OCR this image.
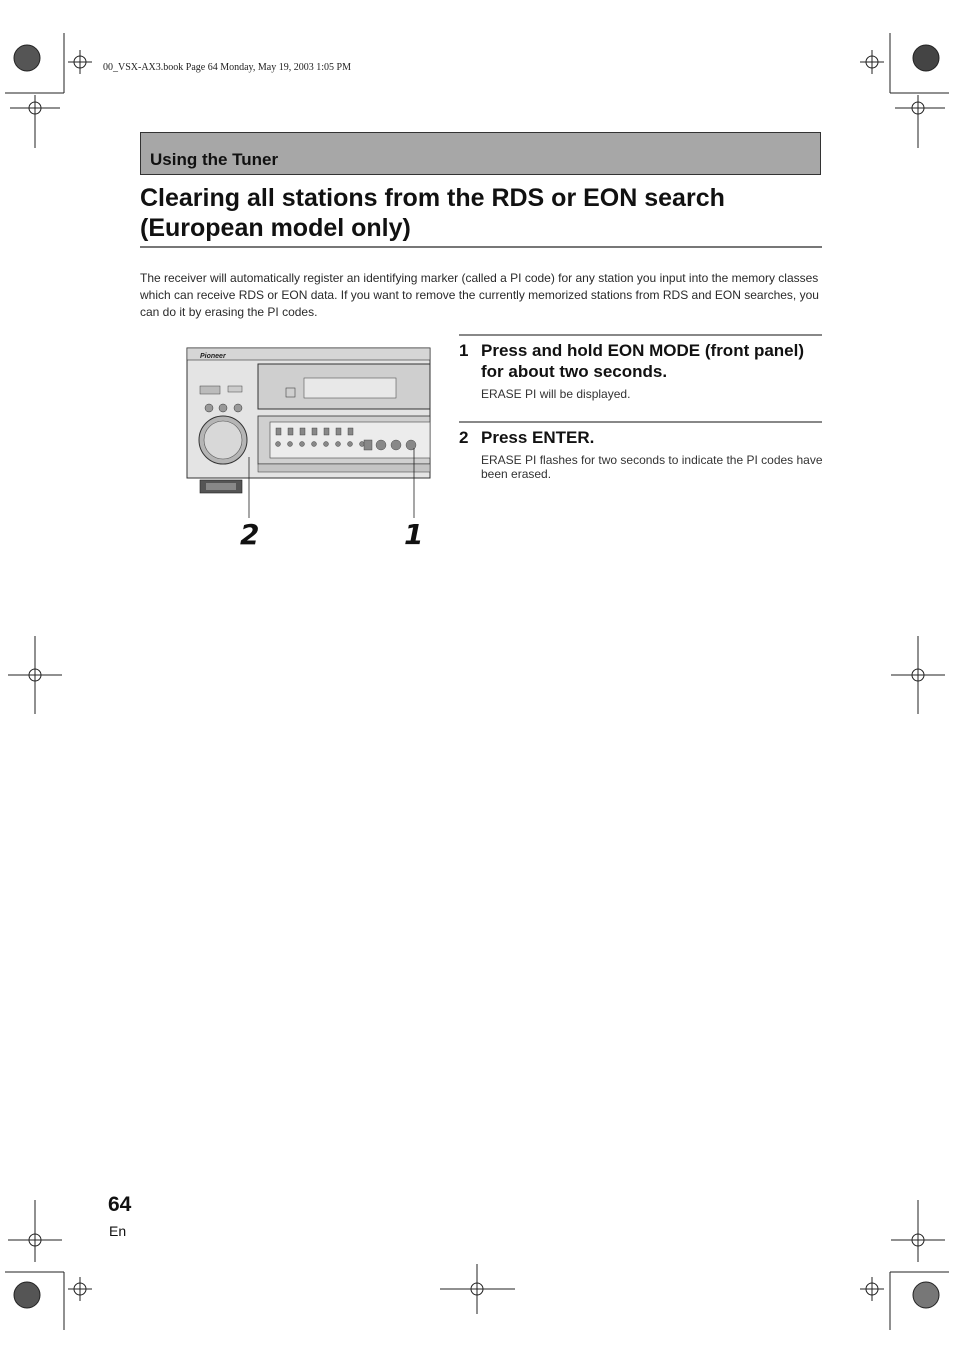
00_VSX-AX3.book Page 64 Monday, May 19, 2003 1:05 PM
Using the Tuner
Clearing all stations from the RDS or EON search
(European model only)
The receiver will automatically register an identifying marker (called a PI code) for any station you input into the memory classes which can receive RDS or EON data. If you want to remove the currently memorized stations from RDS and EON searches, you can do it by erasing the PI codes.
Pioneer
2	1
1 Press and hold EON MODE (front panel) for about two seconds.
ERASE PI will be displayed.
2 Press ENTER.
ERASE PI flashes for two seconds to indicate the PI codes have been erased.
64
En
